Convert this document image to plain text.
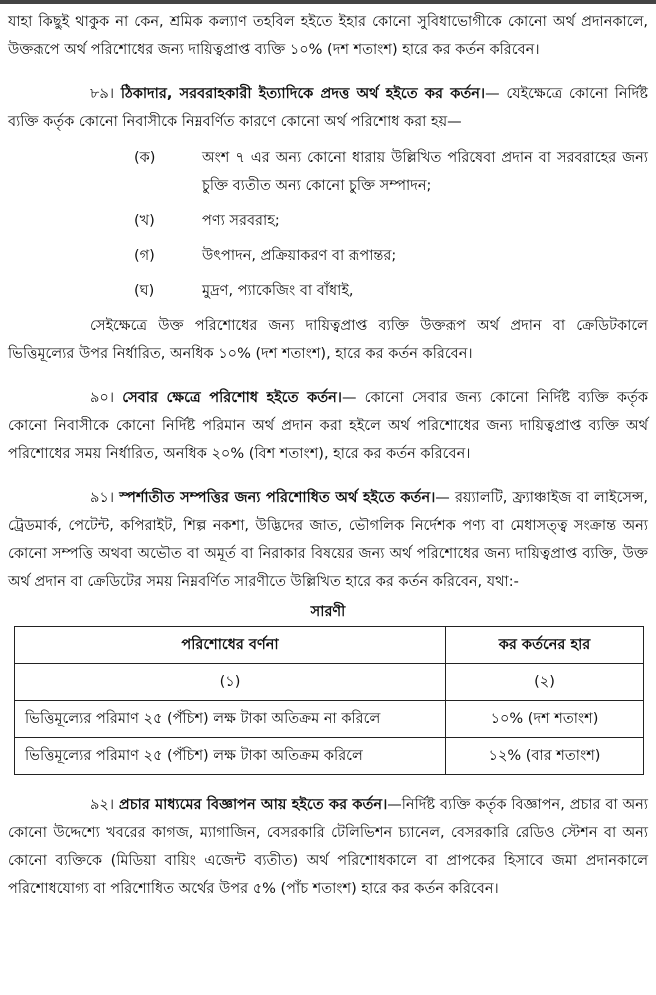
যাহা কিছুই থাকুক না কেন, শ্রমিক কল্যাণ তহবিল হইতে ইহার কোনো সুবিধাভোগীকে কোনো অর্থ প্রদানকালে, উক্তরূপে অর্থ পরিশোধের জন্য দায়িত্বপ্রাপ্ত ব্যক্তি ১০% (দশ শতাংশ) হারে কর কর্তন করিবেন।

৮৯। ঠিকাদার, সরবরাহকারী ইত্যাদিকে প্রদত্ত অর্থ হইতে কর কর্তন।— যেইক্ষেত্রে কোনো নির্দিষ্ট ব্যক্তি কর্তৃক কোনো নিবাসীকে নিম্নবর্ণিত কারণে কোনো অর্থ পরিশোধ করা হয়—

(ক)	অংশ ৭ এর অন্য কোনো ধারায় উল্লিখিত পরিষেবা প্রদান বা সরবরাহের জন্য চুক্তি ব্যতীত অন্য কোনো চুক্তি সম্পাদন;
(খ)	পণ্য সরবরাহ;
(গ)	উৎপাদন, প্রক্রিয়াকরণ বা রূপান্তর;
(ঘ)	মুদ্রণ, প্যাকেজিং বা বাঁধাই,

সেইক্ষেত্রে উক্ত পরিশোধের জন্য দায়িত্বপ্রাপ্ত ব্যক্তি উক্তরূপ অর্থ প্রদান বা ক্রেডিটকালে ভিত্তিমূল্যের উপর নির্ধারিত, অনধিক ১০% (দশ শতাংশ), হারে কর কর্তন করিবেন।

৯০। সেবার ক্ষেত্রে পরিশোধ হইতে কর্তন।— কোনো সেবার জন্য কোনো নির্দিষ্ট ব্যক্তি কর্তৃক কোনো নিবাসীকে কোনো নির্দিষ্ট পরিমান অর্থ প্রদান করা হইলে অর্থ পরিশোধের জন্য দায়িত্বপ্রাপ্ত ব্যক্তি অর্থ পরিশোধের সময় নির্ধারিত, অনধিক ২০% (বিশ শতাংশ), হারে কর কর্তন করিবেন।

৯১। স্পর্শাতীত সম্পত্তির জন্য পরিশোধিত অর্থ হইতে কর্তন।— রয়্যালটি, ফ্র্যাঞ্চাইজ বা লাইসেন্স, ট্রেডমার্ক, পেটেন্ট, কপিরাইট, শিল্প নকশা, উদ্ভিদের জাত, ভৌগলিক নির্দেশক পণ্য বা মেধাসত্ত্ব সংক্রান্ত অন্য কোনো সম্পত্তি অথবা অভৌত বা অমূর্ত বা নিরাকার বিষয়ের জন্য অর্থ পরিশোধের জন্য দায়িত্বপ্রাপ্ত ব্যক্তি, উক্ত অর্থ প্রদান বা ক্রেডিটের সময় নিম্নবর্ণিত সারণীতে উল্লিখিত হারে কর কর্তন করিবেন, যথা:-

সারণী
পরিশোধের বর্ণনা	কর কর্তনের হার
(১)	(২)
ভিত্তিমূল্যের পরিমাণ ২৫ (পঁচিশ) লক্ষ টাকা অতিক্রম না করিলে	১০% (দশ শতাংশ)
ভিত্তিমূল্যের পরিমাণ ২৫ (পঁচিশ) লক্ষ টাকা অতিক্রম করিলে	১২% (বার শতাংশ)

৯২। প্রচার মাধ্যমের বিজ্ঞাপন আয় হইতে কর কর্তন।—নির্দিষ্ট ব্যক্তি কর্তৃক বিজ্ঞাপন, প্রচার বা অন্য কোনো উদ্দেশ্যে খবরের কাগজ, ম্যাগাজিন, বেসরকারি টেলিভিশন চ্যানেল, বেসরকারি রেডিও স্টেশন বা অন্য কোনো ব্যক্তিকে (মিডিয়া বায়িং এজেন্ট ব্যতীত) অর্থ পরিশোধকালে বা প্রাপকের হিসাবে জমা প্রদানকালে পরিশোধযোগ্য বা পরিশোধিত অর্থের উপর ৫% (পাঁচ শতাংশ) হারে কর কর্তন করিবেন।
